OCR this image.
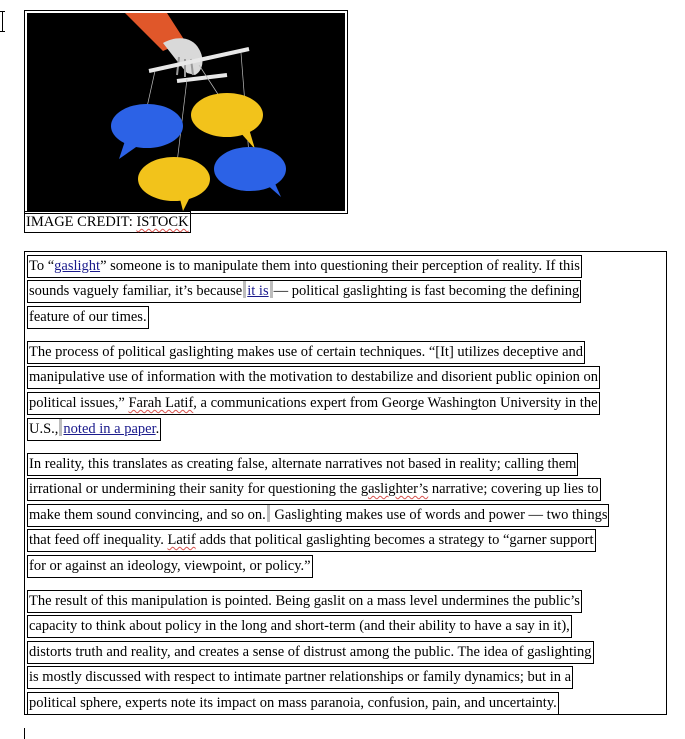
IMAGE CREDIT: ISTOCK
To “gaslight” someone is to manipulate them into questioning their perception of reality. If this
sounds vaguely familiar, it’s because it is — political gaslighting is fast becoming the defining
feature of our times.
The process of political gaslighting makes use of certain techniques. “[It] utilizes deceptive and
manipulative use of information with the motivation to destabilize and disorient public opinion on
political issues,” Farah Latif, a communications expert from George Washington University in the
U.S., noted in a paper.
In reality, this translates as creating false, alternate narratives not based in reality; calling them
irrational or undermining their sanity for questioning the gaslighter’s narrative; covering up lies to
make them sound convincing, and so on. Gaslighting makes use of words and power — two things
that feed off inequality. Latif adds that political gaslighting becomes a strategy to “garner support
for or against an ideology, viewpoint, or policy.”
The result of this manipulation is pointed. Being gaslit on a mass level undermines the public’s
capacity to think about policy in the long and short-term (and their ability to have a say in it),
distorts truth and reality, and creates a sense of distrust among the public. The idea of gaslighting
is mostly discussed with respect to intimate partner relationships or family dynamics; but in a
political sphere, experts note its impact on mass paranoia, confusion, pain, and uncertainty.
